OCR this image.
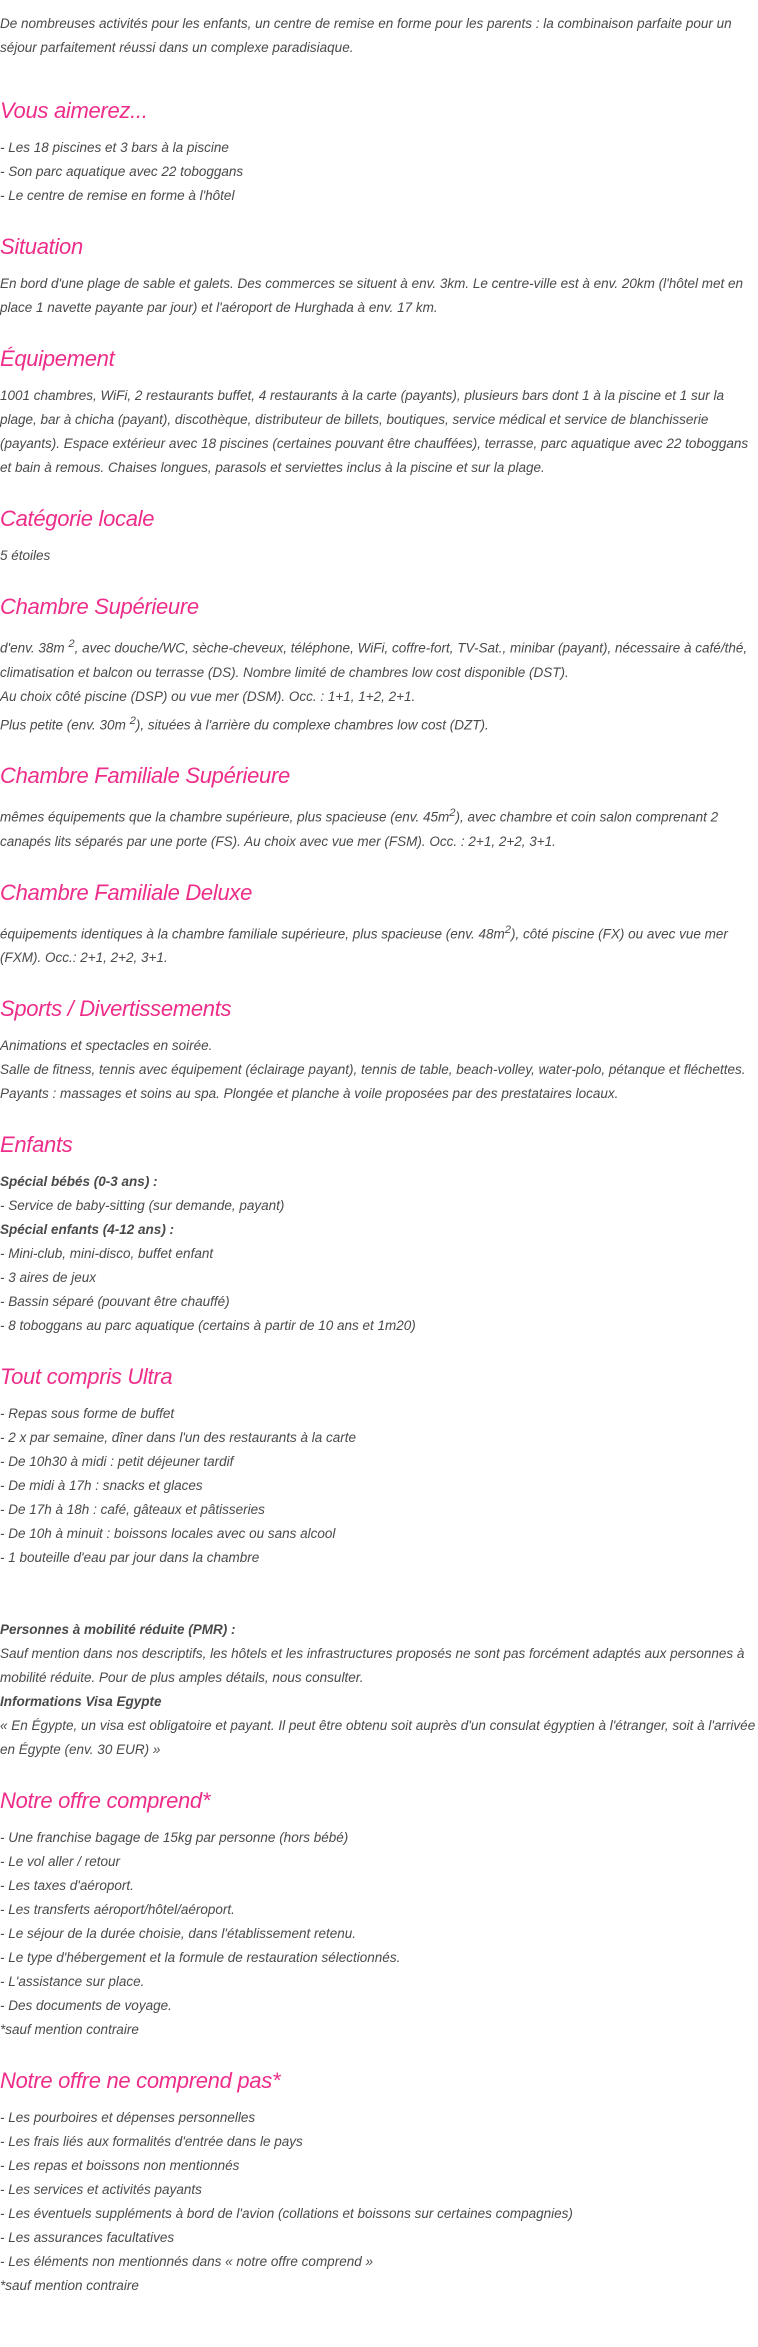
De nombreuses activités pour les enfants, un centre de remise en forme pour les parents : la combinaison parfaite pour un séjour parfaitement réussi dans un complexe paradisiaque.

Vous aimerez...
- Les 18 piscines et 3 bars à la piscine
- Son parc aquatique avec 22 toboggans
- Le centre de remise en forme à l'hôtel
Situation

En bord d'une plage de sable et galets. Des commerces se situent à env. 3km. Le centre-ville est à env. 20km (l'hôtel met en place 1 navette payante par jour) et l'aéroport de Hurghada à env. 17 km.

Équipement

1001 chambres, WiFi, 2 restaurants buffet, 4 restaurants à la carte (payants), plusieurs bars dont 1 à la piscine et 1 sur la plage, bar à chicha (payant), discothèque, distributeur de billets, boutiques, service médical et service de blanchisserie (payants). Espace extérieur avec 18 piscines (certaines pouvant être chauffées), terrasse, parc aquatique avec 22 toboggans et bain à remous. Chaises longues, parasols et serviettes inclus à la piscine et sur la plage.

Catégorie locale

5 étoiles

Chambre Supérieure

d'env. 38m $^2$, avec douche/WC, sèche-cheveux, téléphone, WiFi, coffre-fort, TV-Sat., minibar (payant), nécessaire à café/thé, climatisation et balcon ou terrasse (DS). Nombre limité de chambres low cost disponible (DST).

Au choix côté piscine (DSP) ou vue mer (DSM). Occ. : 1+1, 1+2, 2+1.

Plus petite (env. 30m $^2$), situées à l'arrière du complexe chambres low cost (DZT).

Chambre Familiale Supérieure

mêmes équipements que la chambre supérieure, plus spacieuse (env. $45m^2$), avec chambre et coin salon comprenant 2 canapés lits séparés par une porte (FS). Au choix avec vue mer (FSM). Occ. : 2+1, 2+2, 3+1.

Chambre Familiale Deluxe

équipements identiques à la chambre familiale supérieure, plus spacieuse (env. $48m^2$), côté piscine (FX) ou avec vue mer (FXM). Occ.: 2+1, 2+2, 3+1.

Sports / Divertissements

Animations et spectacles en soirée.

Salle de fitness, tennis avec équipement (éclairage payant), tennis de table, beach-volley, water-polo, pétanque et fléchettes.

Payants : massages et soins au spa. Plongée et planche à voile proposées par des prestataires locaux.

Enfants
Spécial bébés (0-3 ans) :
- Service de baby-sitting (sur demande, payant)
Spécial enfants (4-12 ans) :
- Mini-club, mini-disco, buffet enfant
- 3 aires de jeux
- Bassin séparé (pouvant être chauffé)
- 8 toboggans au parc aquatique (certains à partir de 10 ans et 1m20)
Tout compris Ultra
- Repas sous forme de buffet
- 2 x par semaine, dîner dans l'un des restaurants à la carte
- De 10h30 à midi : petit déjeuner tardif
- De midi à 17h : snacks et glaces
- De 17h à 18h : café, gâteaux et pâtisseries
- De 10h à minuit : boissons locales avec ou sans alcool
- 1 bouteille d'eau par jour dans la chambre
Personnes à mobilité réduite (PMR) :

Sauf mention dans nos descriptifs, les hôtels et les infrastructures proposés ne sont pas forcément adaptés aux personnes à mobilité réduite. Pour de plus amples détails, nous consulter.

Informations Visa Egypte

« En Égypte, un visa est obligatoire et payant. Il peut être obtenu soit auprès d'un consulat égyptien à l'étranger, soit à l'arrivée en Égypte (env. 30 EUR) »

Notre offre comprend*
- Une franchise bagage de 15kg par personne (hors bébé)
- Le vol aller / retour
- Les taxes d'aéroport.
- Les transferts aéroport/hôtel/aéroport.
- Le séjour de la durée choisie, dans l'établissement retenu.
- Le type d'hébergement et la formule de restauration sélectionnés.
- L'assistance sur place.
- Des documents de voyage.
*sauf mention contraire
Notre offre ne comprend pas*
- Les pourboires et dépenses personnelles
- Les frais liés aux formalités d'entrée dans le pays
- Les repas et boissons non mentionnés
- Les services et activités payants
- Les éventuels suppléments à bord de l'avion (collations et boissons sur certaines compagnies)
- Les assurances facultatives
- Les éléments non mentionnés dans « notre offre comprend »
*sauf mention contraire
